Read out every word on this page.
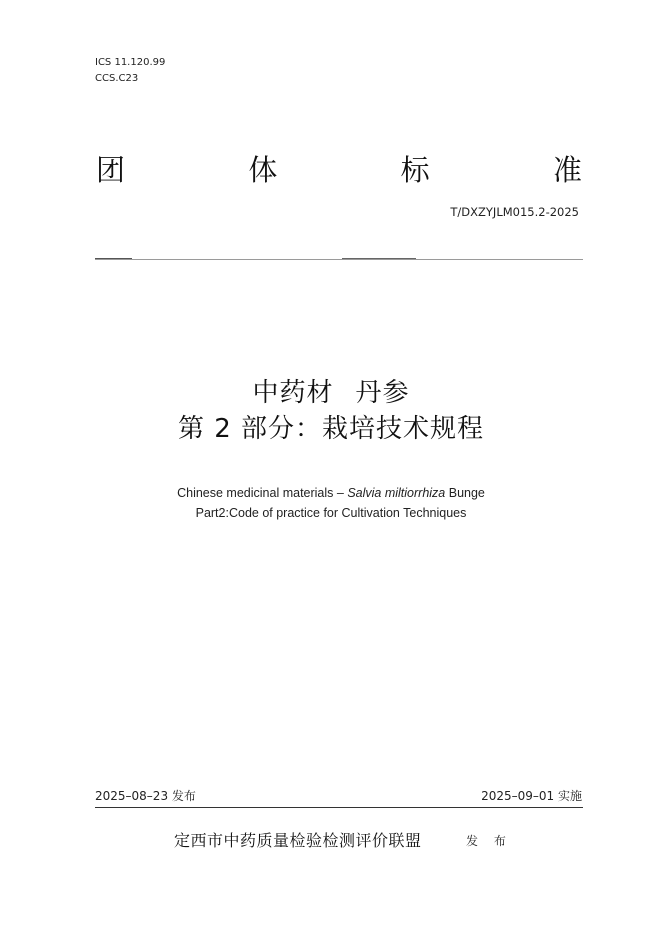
ICS 11.120.99
CCS.C23
团	体	标	准
T/DXZYJLM015.2-2025
中药材 丹参
第 2 部分：栽培技术规程
Chinese medicinal materials – Salvia miltiorrhiza Bunge
Part2:Code of practice for Cultivation Techniques
2025–08–23 发布	2025–09–01 实施
定西市中药质量检验检测评价联盟	发 布
